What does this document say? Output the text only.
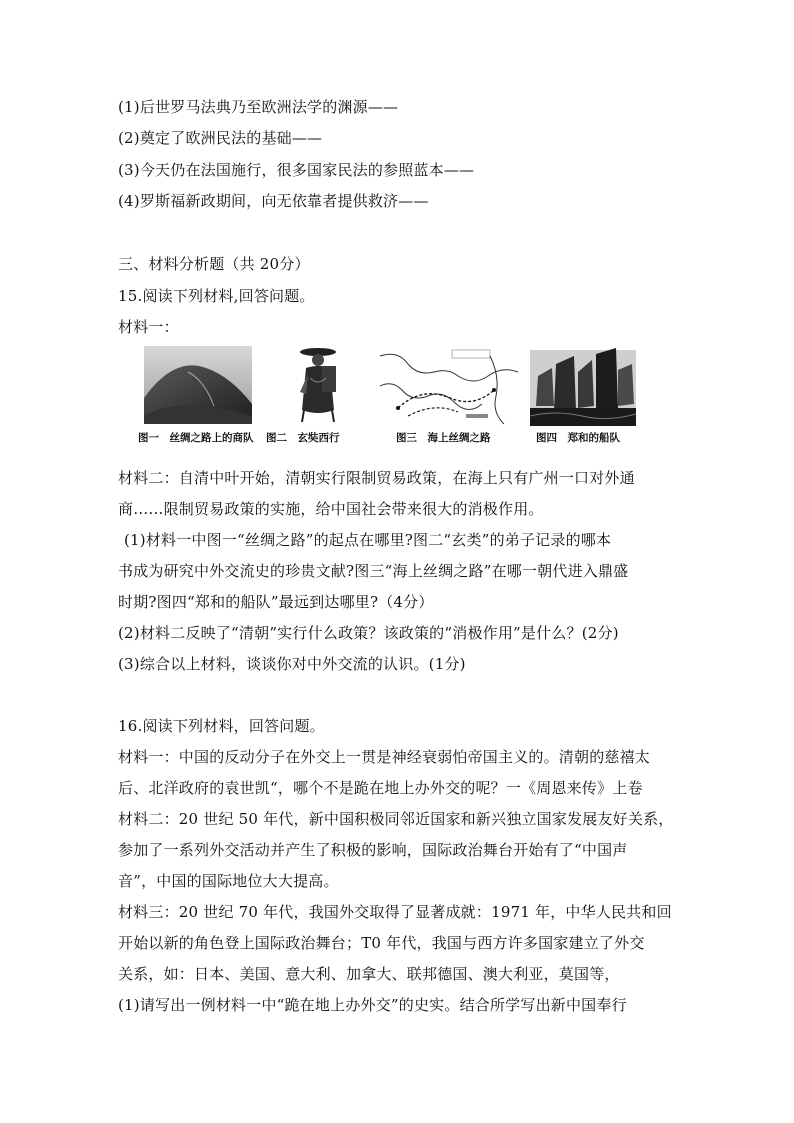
(1)后世罗马法典乃至欧洲法学的渊源——
(2)奠定了欧洲民法的基础——
(3)今天仍在法国施行，很多国家民法的参照蓝本——
(4)罗斯福新政期间，向无依靠者提供救济——
三、材料分析题（共 20分）
15.阅读下列材料,回答问题。
材料一：
图一　丝绸之路上的商队 图二　玄奘西行	图三　海上丝绸之路	图四　郑和的船队
材料二：自清中叶开始，清朝实行限制贸易政策，在海上只有广州一口对外通
商……限制贸易政策的实施，给中国社会带来很大的消极作用。
(1)材料一中图一“丝绸之路”的起点在哪里?图二“玄类”的弟子记录的哪本
书成为研究中外交流史的珍贵文献?图三“海上丝绸之路”在哪一朝代进入鼎盛
时期?图四“郑和的船队”最远到达哪里?（4分）
(2)材料二反映了“清朝”实行什么政策？该政策的“消极作用”是什么？(2分)
(3)综合以上材料，谈谈你对中外交流的认识。(1分)
16.阅读下列材料，回答问题。
材料一：中国的反动分子在外交上一贯是神经衰弱怕帝国主义的。清朝的慈禧太
后、北洋政府的袁世凯“，哪个不是跪在地上办外交的呢？一《周恩来传》上卷
材料二：20 世纪 50 年代，新中国积极同邻近国家和新兴独立国家发展友好关系，
参加了一系列外交活动并产生了积极的影响，国际政治舞台开始有了“中国声
音”，中国的国际地位大大提高。
材料三：20 世纪 70 年代，我国外交取得了显著成就：1971 年，中华人民共和回
开始以新的角色登上国际政治舞台；T0 年代，我国与西方许多国家建立了外交
关系，如：日本、美国、意大利、加拿大、联邦德国、澳大利亚，莫国等，
(1)请写出一例材料一中“跪在地上办外交”的史实。结合所学写出新中国奉行
